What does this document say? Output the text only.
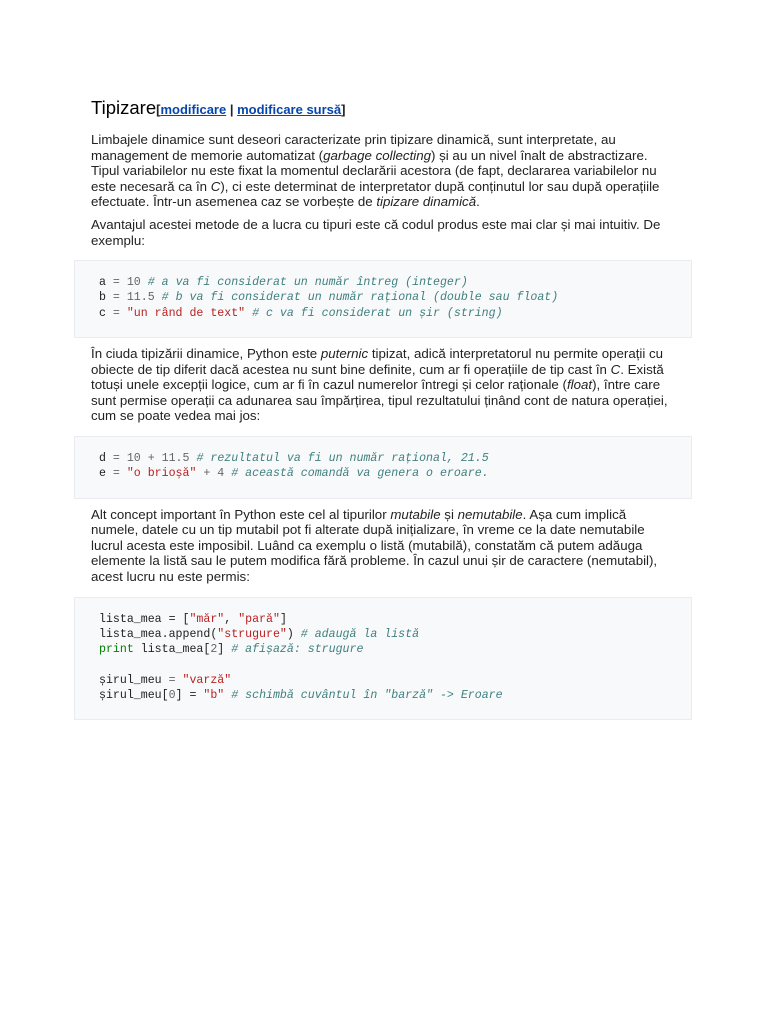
Tipizare[modificare | modificare sursă]

Limbajele dinamice sunt deseori caracterizate prin tipizare dinamică, sunt interpretate, au management de memorie automatizat (garbage collecting) și au un nivel înalt de abstractizare. Tipul variabilelor nu este fixat la momentul declarării acestora (de fapt, declararea variabilelor nu este necesară ca în C), ci este determinat de interpretator după conținutul lor sau după operațiile efectuate. Într-un asemenea caz se vorbește de tipizare dinamică.

Avantajul acestei metode de a lucra cu tipuri este că codul produs este mai clar și mai intuitiv. De exemplu:

a = 10 # a va fi considerat un număr întreg (integer)
b = 11.5 # b va fi considerat un număr rațional (double sau float)
c = "un rând de text" # c va fi considerat un șir (string)

În ciuda tipizării dinamice, Python este puternic tipizat, adică interpretatorul nu permite operații cu obiecte de tip diferit dacă acestea nu sunt bine definite, cum ar fi operațiile de tip cast în C. Există totuși unele excepții logice, cum ar fi în cazul numerelor întregi și celor raționale (float), între care sunt permise operații ca adunarea sau împărțirea, tipul rezultatului ținând cont de natura operației, cum se poate vedea mai jos:

d = 10 + 11.5 # rezultatul va fi un număr rațional, 21.5
e = "o brioșă" + 4 # această comandă va genera o eroare.

Alt concept important în Python este cel al tipurilor mutabile și nemutabile. Așa cum implică numele, datele cu un tip mutabil pot fi alterate după inițializare, în vreme ce la date nemutabile lucrul acesta este imposibil. Luând ca exemplu o listă (mutabilă), constatăm că putem adăuga elemente la listă sau le putem modifica fără probleme. În cazul unui șir de caractere (nemutabil), acest lucru nu este permis:

lista_mea = ["măr", "pară"]
lista_mea.append("strugure") # adaugă la listă
print lista_mea[2] # afișază: strugure
șirul_meu = "varză"
șirul_meu[0] = "b" # schimbă cuvântul în "barză" -> Eroare
